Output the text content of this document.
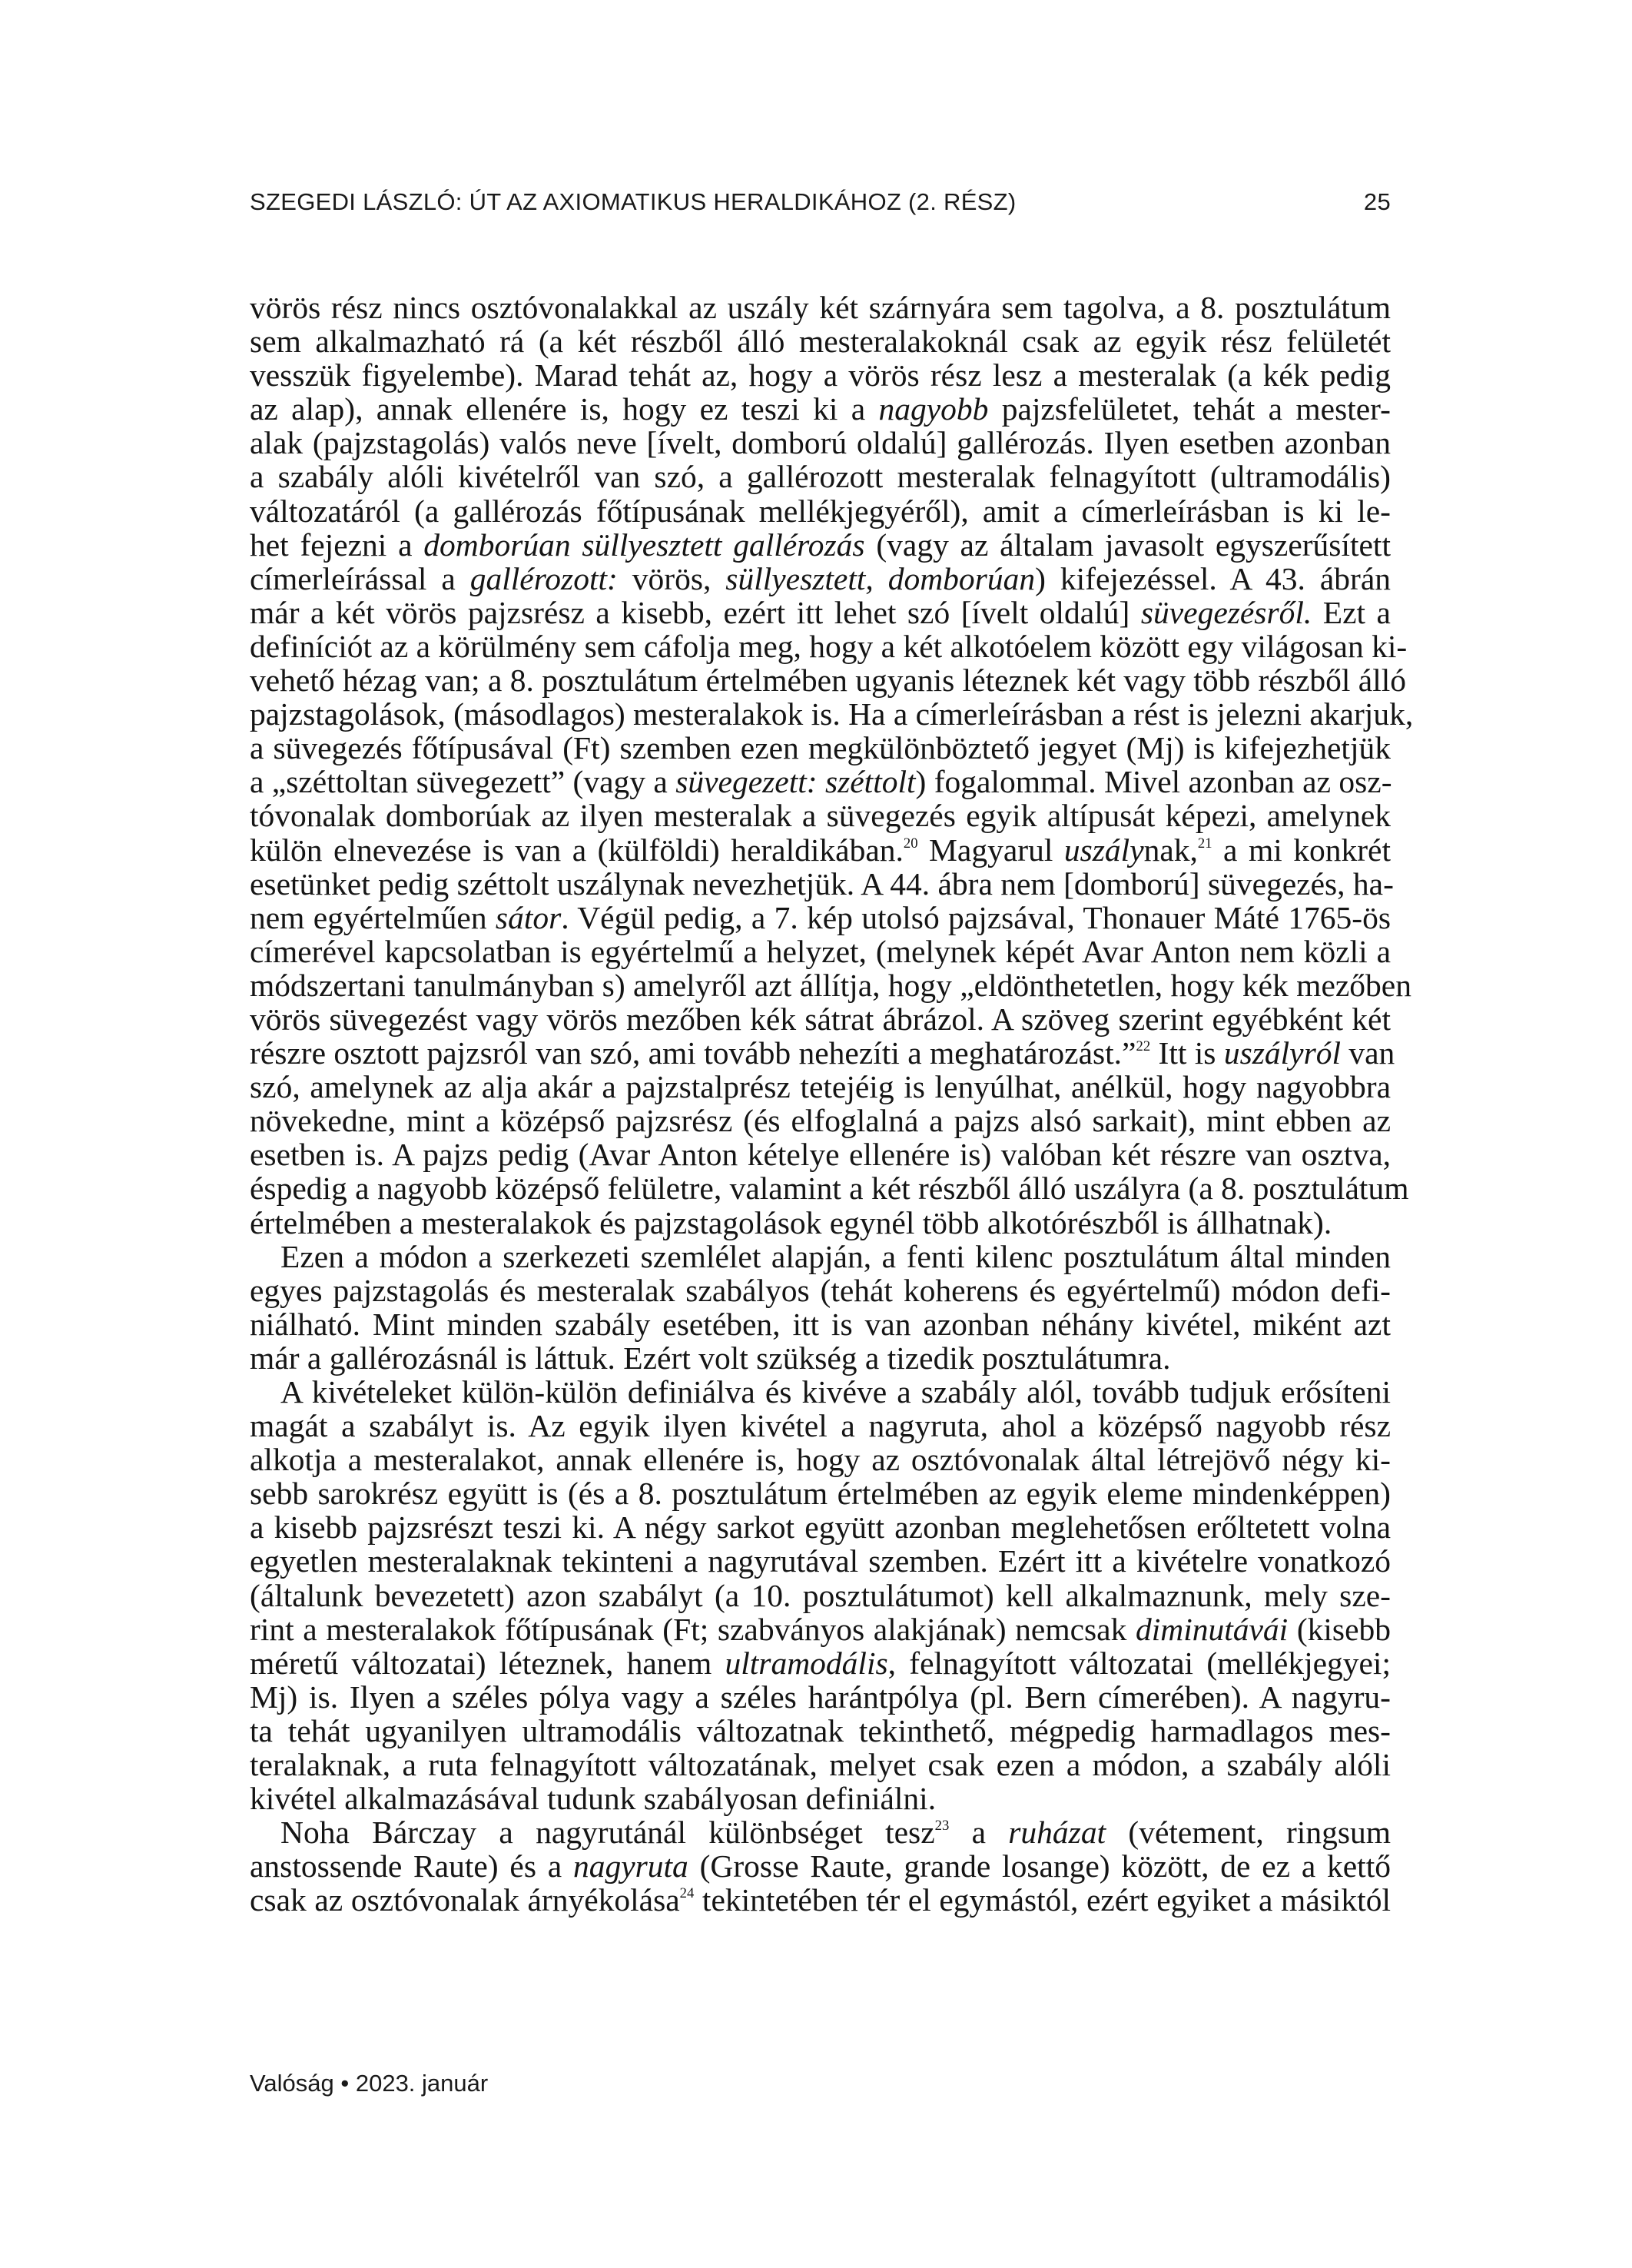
SZEGEDI LÁSZLÓ: ÚT AZ AXIOMATIKUS HERALDIKÁHOZ (2. RÉSZ)	25
vörös rész nincs osztóvonalakkal az uszály két szárnyára sem tagolva, a 8. posztulátum
sem alkalmazható rá (a két részből álló mesteralakoknál csak az egyik rész felületét
vesszük figyelembe). Marad tehát az, hogy a vörös rész lesz a mesteralak (a kék pedig
az alap), annak ellenére is, hogy ez teszi ki a nagyobb pajzsfelületet, tehát a mester-
alak (pajzstagolás) valós neve [ívelt, domború oldalú] gallérozás. Ilyen esetben azonban
a szabály alóli kivételről van szó, a gallérozott mesteralak felnagyított (ultramodális)
változatáról (a gallérozás főtípusának mellékjegyéről), amit a címerleírásban is ki le-
het fejezni a domborúan süllyesztett gallérozás (vagy az általam javasolt egyszerűsített
címerleírással a gallérozott: vörös, süllyesztett, domborúan) kifejezéssel. A 43. ábrán
már a két vörös pajzsrész a kisebb, ezért itt lehet szó [ívelt oldalú] süvegezésről. Ezt a
definíciót az a körülmény sem cáfolja meg, hogy a két alkotóelem között egy világosan ki-
vehető hézag van; a 8. posztulátum értelmében ugyanis léteznek két vagy több részből álló
pajzstagolások, (másodlagos) mesteralakok is. Ha a címerleírásban a rést is jelezni akarjuk,
a süvegezés főtípusával (Ft) szemben ezen megkülönböztető jegyet (Mj) is kifejezhetjük
a „széttoltan süvegezett” (vagy a süvegezett: széttolt) fogalommal. Mivel azonban az osz-
tóvonalak domborúak az ilyen mesteralak a süvegezés egyik altípusát képezi, amelynek
külön elnevezése is van a (külföldi) heraldikában.$^{20}$ Magyarul uszálynak,$^{21}$ a mi konkrét
esetünket pedig széttolt uszálynak nevezhetjük. A 44. ábra nem [domború] süvegezés, ha-
nem egyértelműen sátor. Végül pedig, a 7. kép utolsó pajzsával, Thonauer Máté 1765-ös
címerével kapcsolatban is egyértelmű a helyzet, (melynek képét Avar Anton nem közli a
módszertani tanulmányban s) amelyről azt állítja, hogy „eldönthetetlen, hogy kék mezőben
vörös süvegezést vagy vörös mezőben kék sátrat ábrázol. A szöveg szerint egyébként két
részre osztott pajzsról van szó, ami tovább nehezíti a meghatározást.”$^{22}$ Itt is uszályról van
szó, amelynek az alja akár a pajzstalprész tetejéig is lenyúlhat, anélkül, hogy nagyobbra
növekedne, mint a középső pajzsrész (és elfoglalná a pajzs alsó sarkait), mint ebben az
esetben is. A pajzs pedig (Avar Anton kételye ellenére is) valóban két részre van osztva,
éspedig a nagyobb középső felületre, valamint a két részből álló uszályra (a 8. posztulátum
értelmében a mesteralakok és pajzstagolások egynél több alkotórészből is állhatnak).
Ezen a módon a szerkezeti szemlélet alapján, a fenti kilenc posztulátum által minden
egyes pajzstagolás és mesteralak szabályos (tehát koherens és egyértelmű) módon defi-
niálható. Mint minden szabály esetében, itt is van azonban néhány kivétel, miként azt
már a gallérozásnál is láttuk. Ezért volt szükség a tizedik posztulátumra.
A kivételeket külön-külön definiálva és kivéve a szabály alól, tovább tudjuk erősíteni
magát a szabályt is. Az egyik ilyen kivétel a nagyruta, ahol a középső nagyobb rész
alkotja a mesteralakot, annak ellenére is, hogy az osztóvonalak által létrejövő négy ki-
sebb sarokrész együtt is (és a 8. posztulátum értelmében az egyik eleme mindenképpen)
a kisebb pajzsrészt teszi ki. A négy sarkot együtt azonban meglehetősen erőltetett volna
egyetlen mesteralaknak tekinteni a nagyrutával szemben. Ezért itt a kivételre vonatkozó
(általunk bevezetett) azon szabályt (a 10. posztulátumot) kell alkalmaznunk, mely sze-
rint a mesteralakok főtípusának (Ft; szabványos alakjának) nemcsak diminutávái (kisebb
méretű változatai) léteznek, hanem ultramodális, felnagyított változatai (mellékjegyei;
Mj) is. Ilyen a széles pólya vagy a széles harántpólya (pl. Bern címerében). A nagyru-
ta tehát ugyanilyen ultramodális változatnak tekinthető, mégpedig harmadlagos mes-
teralaknak, a ruta felnagyított változatának, melyet csak ezen a módon, a szabály alóli
kivétel alkalmazásával tudunk szabályosan definiálni.
Noha Bárczay a nagyrutánál különbséget tesz$^{23}$ a ruházat (vétement, ringsum
anstossende Raute) és a nagyruta (Grosse Raute, grande losange) között, de ez a kettő
csak az osztóvonalak árnyékolása$^{24}$ tekintetében tér el egymástól, ezért egyiket a másiktól
Valóság • 2023. január
